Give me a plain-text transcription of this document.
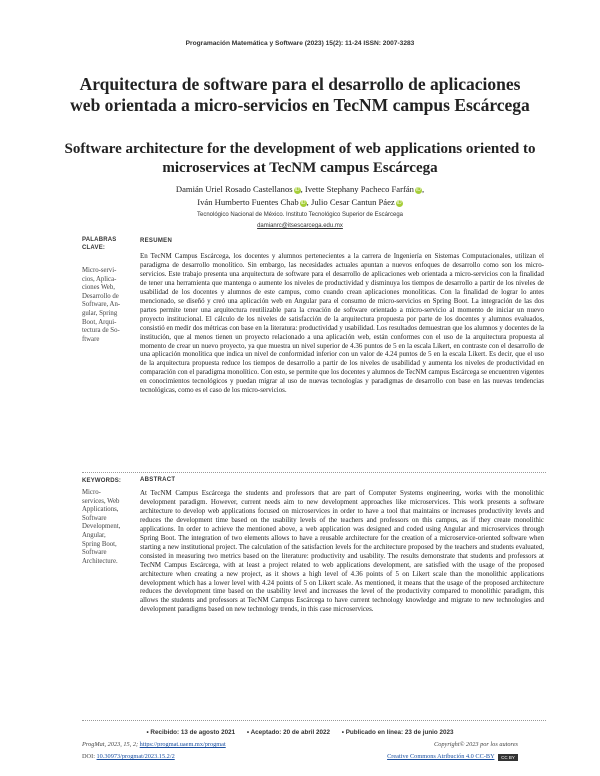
Programación Matemática y Software (2023) 15(2): 11-24 ISSN: 2007-3283
Arquitectura de software para el desarrollo de aplicaciones web orientada a micro-servicios en TecNM campus Escárcega
Software architecture for the development of web applications oriented to microservices at TecNM campus Escárcega
Damián Uriel Rosado Castellanos iD, Ivette Stephany Pacheco Farfán iD,
Iván Humberto Fuentes Chab iD, Julio Cesar Cantun Páez iD
Tecnológico Nacional de México. Instituto Tecnológico Superior de Escárcega
damianrc@itsescarcega.edu.mx
PALABRAS CLAVE:
Micro-servi-
cios, Aplica-
ciones Web,
Desarrollo de
Software, An-
gular, Spring
Boot, Arqui-
tectura de So-
ftware
RESUMEN
En TecNM Campus Escárcega, los docentes y alumnos pertenecientes a la carrera de Ingeniería en Sistemas Computacionales, utilizan el paradigma de desarrollo monolítico. Sin embargo, las necesidades actuales apuntan a nuevos enfoques de desarrollo como son los micro-servicios. Este trabajo presenta una arquitectura de software para el desarrollo de aplicaciones web orientada a micro-servicios con la finalidad de tener una herramienta que mantenga o aumente los niveles de productividad y disminuya los tiempos de desarrollo a partir de los niveles de usabilidad de los docentes y alumnos de este campus, como cuando crean aplicaciones monolíticas. Con la finalidad de lograr lo antes mencionado, se diseñó y creó una aplicación web en Angular para el consumo de micro-servicios en Spring Boot. La integración de las dos partes permite tener una arquitectura reutilizable para la creación de software orientado a micro-servicio al momento de iniciar un nuevo proyecto institucional. El cálculo de los niveles de satisfacción de la arquitectura propuesta por parte de los docentes y alumnos evaluados, consistió en medir dos métricas con base en la literatura: productividad y usabilidad. Los resultados demuestran que los alumnos y docentes de la institución, que al menos tienen un proyecto relacionado a una aplicación web, están conformes con el uso de la arquitectura propuesta al momento de crear un nuevo proyecto, ya que muestra un nivel superior de 4.36 puntos de 5 en la escala Likert, en contraste con el desarrollo de una aplicación monolítica que indica un nivel de conformidad inferior con un valor de 4.24 puntos de 5 en la escala Likert. Es decir, que el uso de la arquitectura propuesta reduce los tiempos de desarrollo a partir de los niveles de usabilidad y aumenta los niveles de productividad en comparación con el paradigma monolítico. Con esto, se permite que los docentes y alumnos de TecNM campus Escárcega se encuentren vigentes en conocimientos tecnológicos y puedan migrar al uso de nuevas tecnologías y paradigmas de desarrollo con base en las nuevas tendencias tecnológicas, como es el caso de los micro-servicios.
KEYWORDS:
Micro-
services, Web
Applications,
Software
Development,
Angular,
Spring Boot,
Software
Architecture.
ABSTRACT
At TecNM Campus Escárcega the students and professors that are part of Computer Systems engineering, works with the monolithic development paradigm. However, current needs aim to new development approaches like microservices. This work presents a software architecture to develop web applications focused on microservices in order to have a tool that maintains or increases productivity levels and reduces the development time based on the usability levels of the teachers and professors on this campus, as if they create monolithic applications. In order to achieve the mentioned above, a web application was designed and coded using Angular and microservices through Spring Boot. The integration of two elements allows to have a reusable architecture for the creation of a microservice-oriented software when starting a new institutional project. The calculation of the satisfaction levels for the architecture proposed by the teachers and students evaluated, consisted in measuring two metrics based on the literature: productivity and usability. The results demonstrate that students and professors at TecNM Campus Escárcega, with at least a project related to web applications development, are satisfied with the usage of the proposed architecture when creating a new project, as it shows a high level of 4.36 points of 5 on Likert scale than the monolithic applications development which has a lower level with 4.24 points of 5 on Likert scale. As mentioned, it means that the usage of the proposed architecture reduces the development time based on the usability level and increases the level of the productivity compared to monolithic paradigm, this allows the students and professors at TecNM Campus Escárcega to have current technology knowledge and migrate to new technologies and development paradigms based on new technology trends, in this case microservices.
• Recibido: 13 de agosto 2021 • Aceptado: 20 de abril 2022 • Publicado en línea: 23 de junio 2023
ProgMat, 2023, 15, 2; https://progmat.uaem.mx/progmat	Copyright© 2023 por los autores
DOI: 10.30973/progmat/2023.15.2/2	Creative Commons Atribución 4.0 CC-BY CC BY
